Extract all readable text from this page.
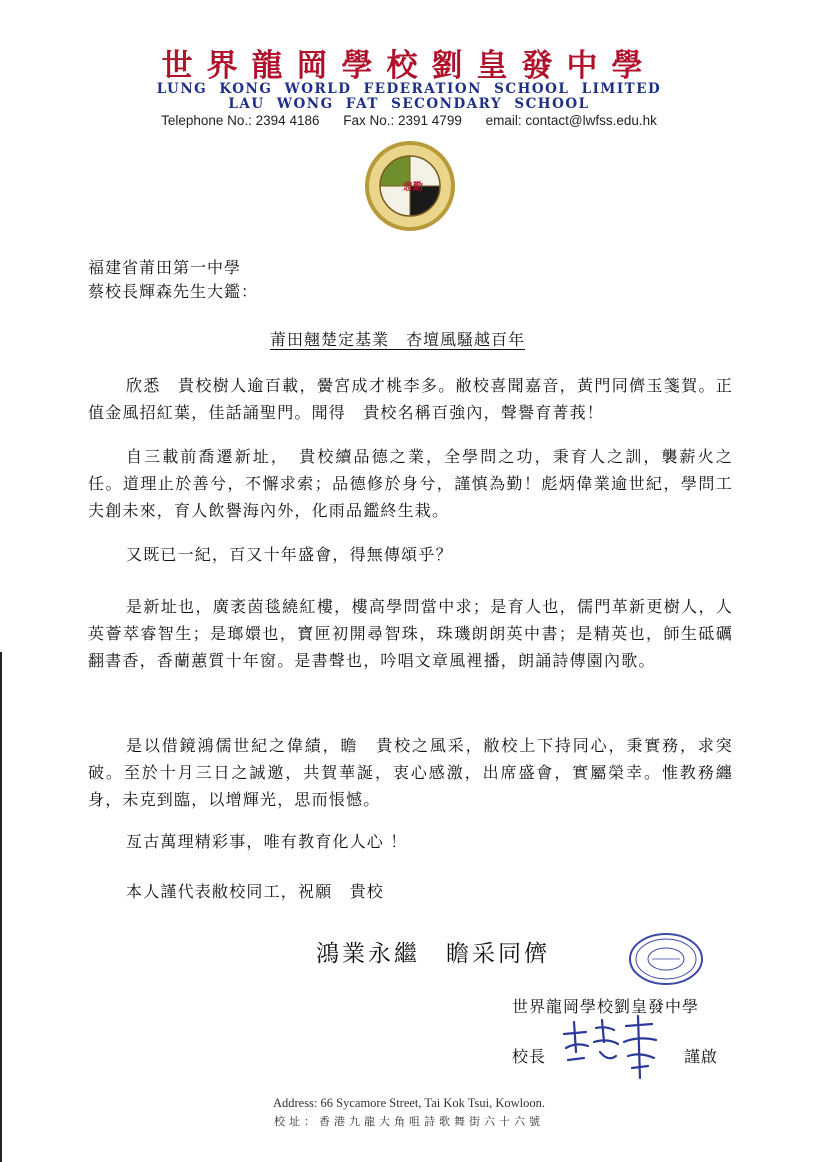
世界龍岡學校劉皇發中學
LUNG KONG WORLD FEDERATION SCHOOL LIMITED
LAU WONG FAT SECONDARY SCHOOL
Telephone No.: 2394 4186 Fax No.: 2391 4799 email: contact@lwfss.edu.hk
忠 勤
福建省莆田第一中學
蔡校長輝森先生大鑑：
莆田翹楚定基業　杏壇風騷越百年
欣悉　貴校樹人逾百載，黌宮成才桃李多。敝校喜聞嘉音，黃門同儕玉箋賀。正值金風招紅葉，佳話誦聖門。聞得　貴校名稱百強內，聲譽育菁莪！
自三載前喬遷新址，　貴校續品德之業，全學問之功，秉育人之訓，襲薪火之任。道理止於善兮，不懈求索；品德修於身兮，謹慎為勤！彪炳偉業逾世紀，學問工夫創未來，育人飲譽海內外，化雨品鑑終生栽。
又既已一紀，百又十年盛會，得無傳頌乎？
是新址也，廣袤茵毯繞紅樓，樓高學問當中求；是育人也，儒門革新更樹人，人英薈萃睿智生；是瑯嬛也，寶匣初開尋智珠，珠璣朗朗英中書；是精英也，師生砥礪翻書香，香蘭蕙質十年窗。是書聲也，吟唱文章風裡播，朗誦詩傳園內歌。
是以借鏡鴻儒世紀之偉績，瞻　貴校之風采，敝校上下持同心，秉實務，求突破。至於十月三日之誠邀，共賀華誕，衷心感激，出席盛會，實屬榮幸。惟教務纏身，未克到臨，以增輝光，思而悵憾。
亙古萬理精彩事，唯有教育化人心 ！
本人謹代表敝校同工，祝願　貴校
鴻業永繼　瞻采同儕
世界龍岡學校劉皇發中學
校長	謹啟
Address: 66 Sycamore Street, Tai Kok Tsui, Kowloon.
校址：香港九龍大角咀詩歌舞街六十六號
